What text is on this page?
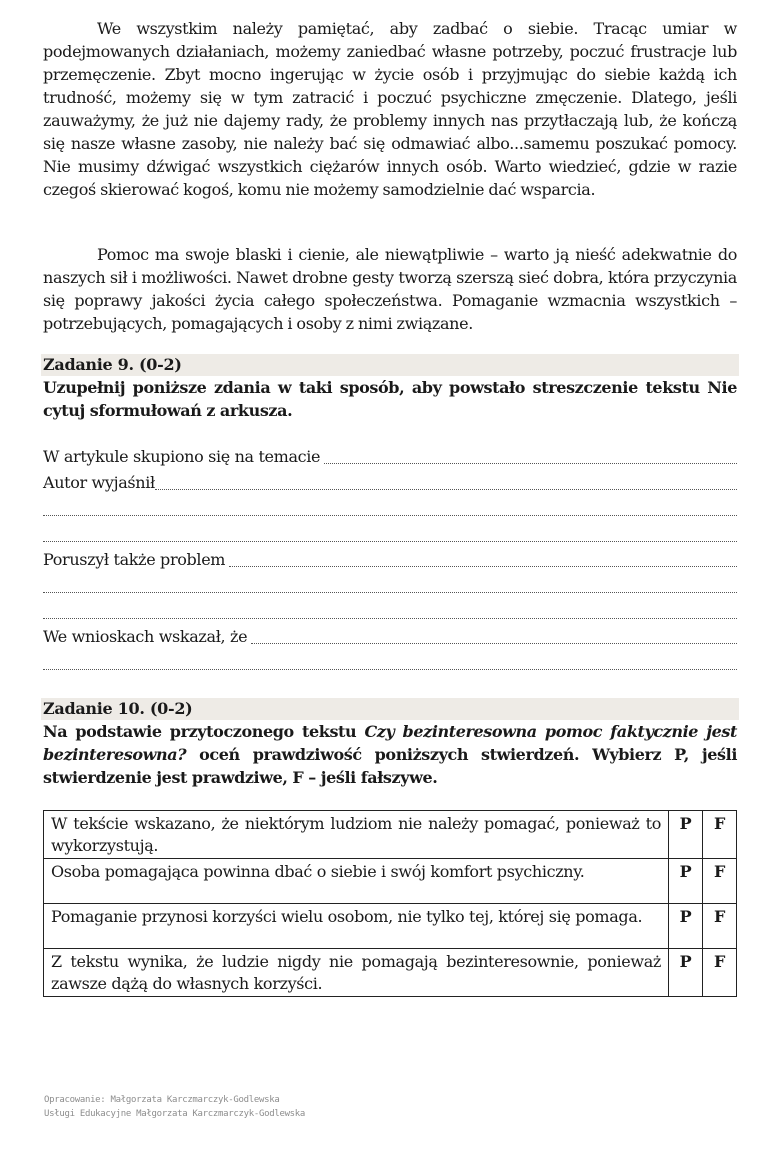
We wszystkim należy pamiętać, aby zadbać o siebie. Tracąc umiar w podejmowanych działaniach, możemy zaniedbać własne potrzeby, poczuć frustracje lub przemęczenie. Zbyt mocno ingerując w życie osób i przyjmując do siebie każdą ich trudność, możemy się w tym zatracić i poczuć psychiczne zmęczenie. Dlatego, jeśli zauważymy, że już nie dajemy rady, że problemy innych nas przytłaczają lub, że kończą się nasze własne zasoby, nie należy bać się odmawiać albo...samemu poszukać pomocy. Nie musimy dźwigać wszystkich ciężarów innych osób. Warto wiedzieć, gdzie w razie czegoś skierować kogoś, komu nie możemy samodzielnie dać wsparcia.

Pomoc ma swoje blaski i cienie, ale niewątpliwie – warto ją nieść adekwatnie do naszych sił i możliwości. Nawet drobne gesty tworzą szerszą sieć dobra, która przyczynia się poprawy jakości życia całego społeczeństwa. Pomaganie wzmacnia wszystkich – potrzebujących, pomagających i osoby z nimi związane.

Zadanie 9. (0-2)

Uzupełnij poniższe zdania w taki sposób, aby powstało streszczenie tekstu Nie cytuj sformułowań z arkusza.

W artykule skupiono się na temacie
Autor wyjaśnił
Poruszył także problem
We wnioskach wskazał, że
Zadanie 10. (0-2)

Na podstawie przytoczonego tekstu Czy bezinteresowna pomoc faktycznie jest bezinteresowna? oceń prawdziwość poniższych stwierdzeń. Wybierz P, jeśli stwierdzenie jest prawdziwe, F – jeśli fałszywe.

W tekście wskazano, że niektórym ludziom nie należy pomagać, ponieważ to wykorzystują.	P	F
Osoba pomagająca powinna dbać o siebie i swój komfort psychiczny.	P	F
Pomaganie przynosi korzyści wielu osobom, nie tylko tej, której się pomaga.	P	F
Z tekstu wynika, że ludzie nigdy nie pomagają bezinteresownie, ponieważ zawsze dążą do własnych korzyści.	P	F
Opracowanie: Małgorzata Karczmarczyk-Godlewska
Usługi Edukacyjne Małgorzata Karczmarczyk-Godlewska
